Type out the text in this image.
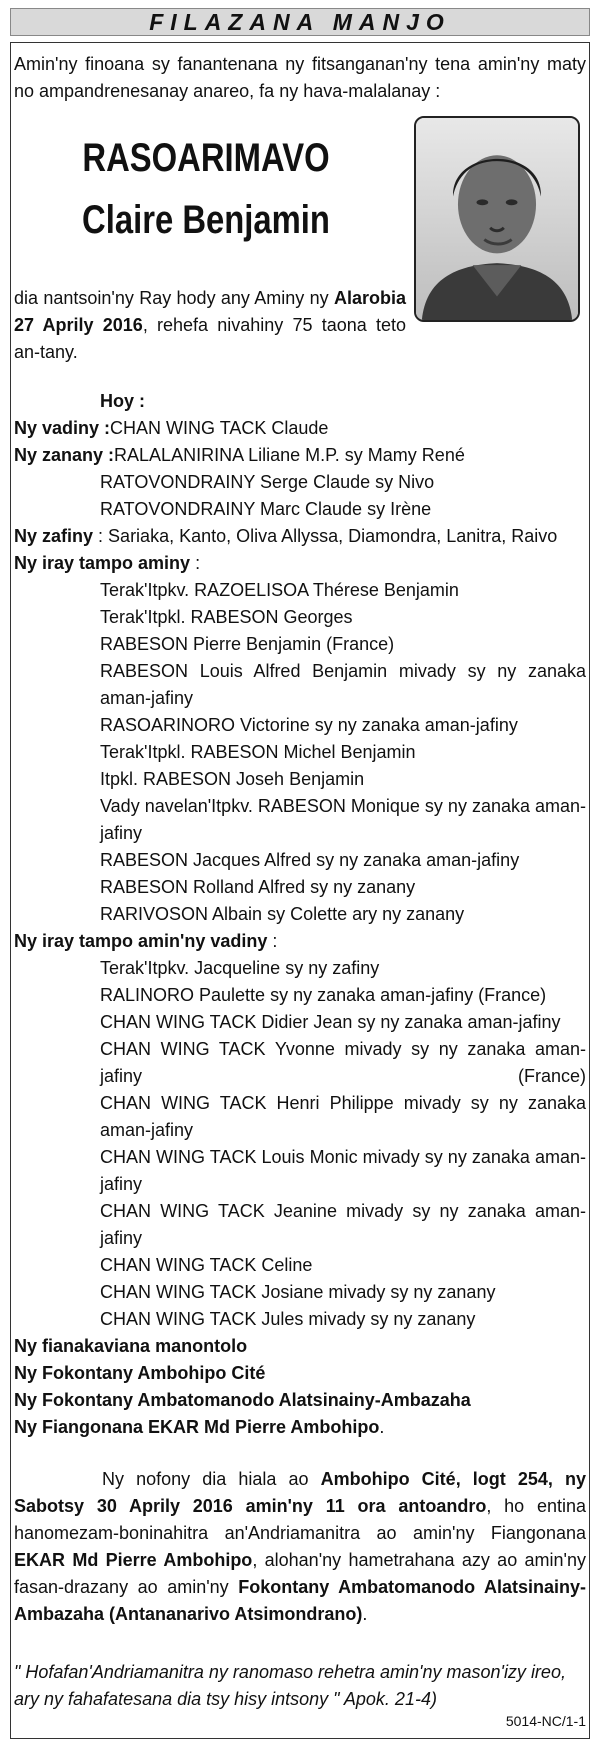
FILAZANA MANJO
Amin'ny finoana sy fanantenana ny fitsanganan'ny tena amin'ny maty no ampandrenesanay anareo, fa ny hava-malalanay :
RASOARIMAVO
Claire Benjamin
dia nantsoin'ny Ray hody any Aminy ny Alarobia 27 Aprily 2016, rehefa nivahiny 75 taona teto an-tany.
Hoy :
Ny vadiny :CHAN WING TACK Claude
Ny zanany :RALALANIRINA Liliane M.P. sy Mamy René
RATOVONDRAINY Serge Claude sy Nivo
RATOVONDRAINY Marc Claude sy Irène
Ny zafiny : Sariaka, Kanto, Oliva Allyssa, Diamondra, Lanitra, Raivo
Ny iray tampo aminy :
Terak'Itpkv. RAZOELISOA Thérese Benjamin
Terak'Itpkl. RABESON Georges
RABESON Pierre Benjamin (France)
RABESON Louis Alfred Benjamin mivady sy ny zanaka aman-jafiny
RASOARINORO Victorine sy ny zanaka aman-jafiny
Terak'Itpkl. RABESON Michel Benjamin
Itpkl. RABESON Joseh Benjamin
Vady navelan'Itpkv. RABESON Monique sy ny zanaka aman-jafiny
RABESON Jacques Alfred sy ny zanaka aman-jafiny
RABESON Rolland Alfred sy ny zanany
RARIVOSON Albain sy Colette ary ny zanany
Ny iray tampo amin'ny vadiny :
Terak'Itpkv. Jacqueline sy ny zafiny
RALINORO Paulette sy ny zanaka aman-jafiny (France)
CHAN WING TACK Didier Jean sy ny zanaka aman-jafiny
CHAN WING TACK Yvonne mivady sy ny zanaka aman-jafiny (France)
CHAN WING TACK Henri Philippe mivady sy ny zanaka aman-jafiny
CHAN WING TACK Louis Monic mivady sy ny zanaka aman-jafiny
CHAN WING TACK Jeanine mivady sy ny zanaka aman-jafiny
CHAN WING TACK Celine
CHAN WING TACK Josiane mivady sy ny zanany
CHAN WING TACK Jules mivady sy ny zanany
Ny fianakaviana manontolo
Ny Fokontany Ambohipo Cité
Ny Fokontany Ambatomanodo Alatsinainy-Ambazaha
Ny Fiangonana EKAR Md Pierre Ambohipo.
Ny nofony dia hiala ao Ambohipo Cité, logt 254, ny Sabotsy 30 Aprily 2016 amin'ny 11 ora antoandro, ho entina hanomezam-boninahitra an'Andriamanitra ao amin'ny Fiangonana EKAR Md Pierre Ambohipo, alohan'ny hametrahana azy ao amin'ny fasan-drazany ao amin'ny Fokontany Ambatomanodo Alatsinainy-Ambazaha (Antananarivo Atsimondrano).
" Hofafan'Andriamanitra ny ranomaso rehetra amin'ny mason'izy ireo, ary ny fahafatesana dia tsy hisy intsony " Apok. 21-4)
5014-NC/1-1
